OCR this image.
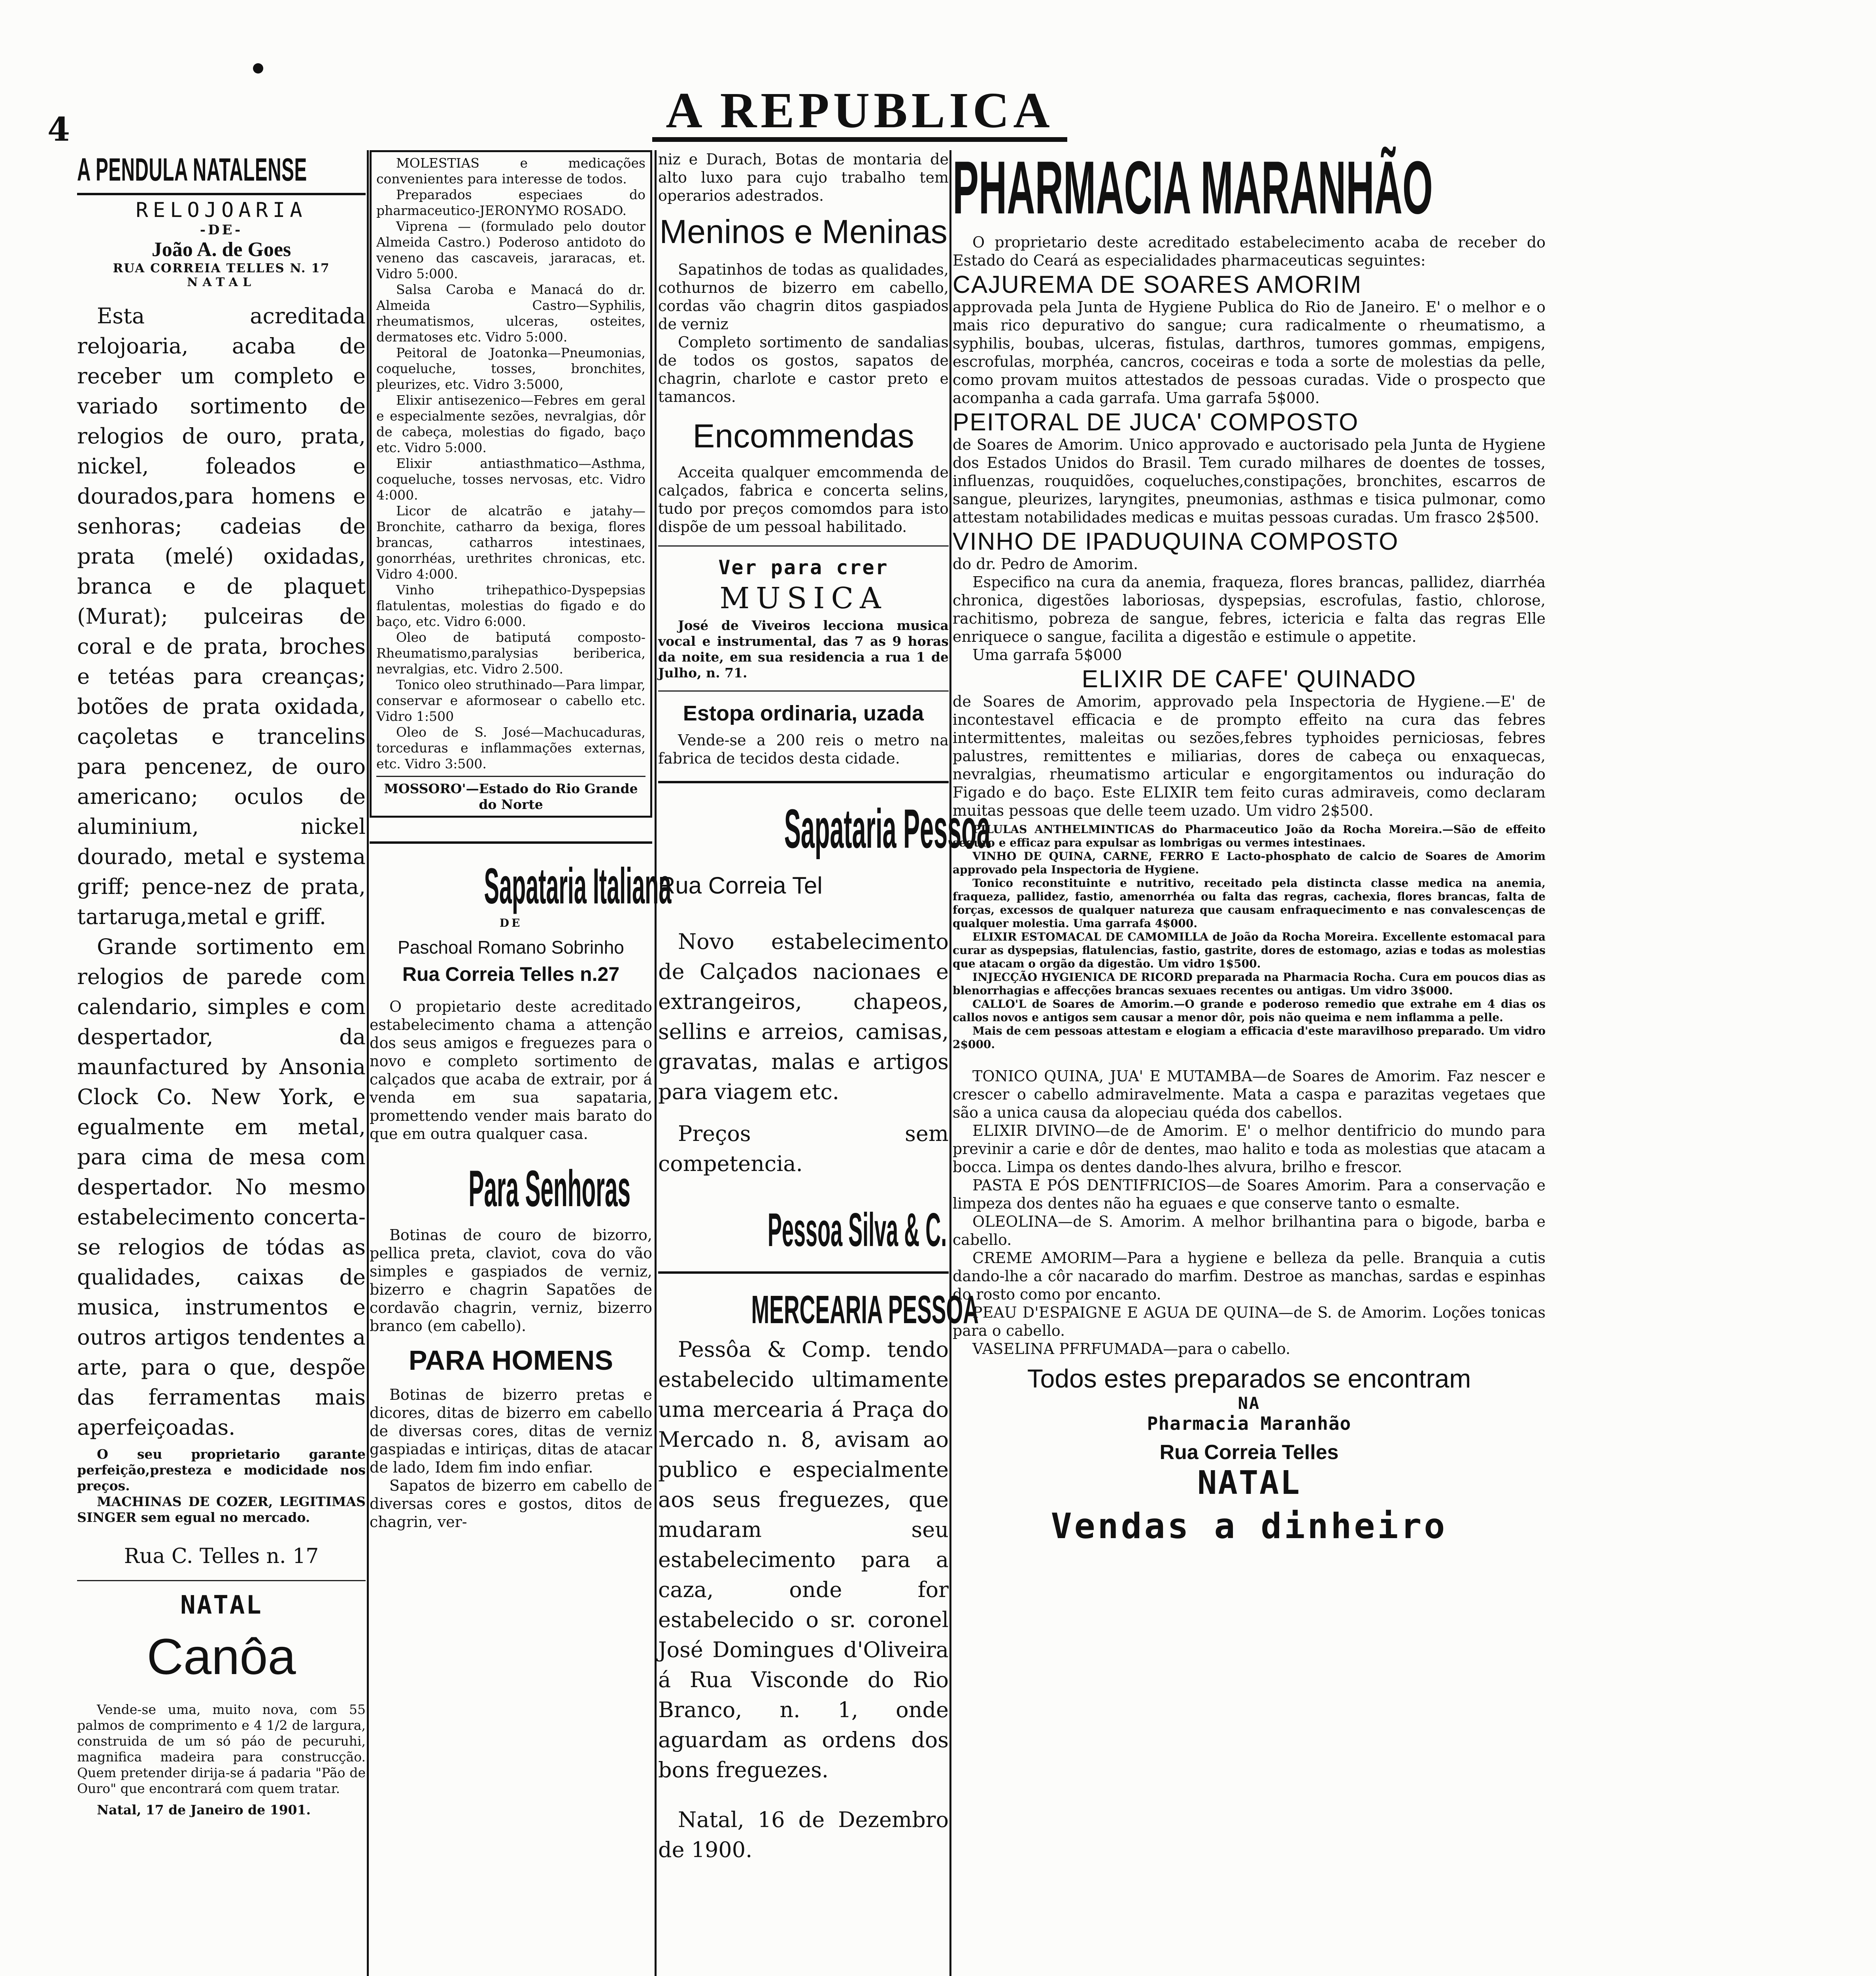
4	A REPUBLICA
A PENDULA NATALENSE
RELOJOARIA
-DE-
João A. de Goes
RUA CORREIA TELLES N. 17
NATAL

Esta acreditada relojoaria, acaba de receber um completo e variado sortimento de relogios de ouro, prata, nickel, foleados e dourados,para homens e senhoras; cadeias de prata (melé) oxidadas, branca e de plaquet (Murat); pulceiras de coral e de prata, broches e tetéas para creanças; botões de prata oxidada, caçoletas e trancelins para pencenez, de ouro americano; oculos de aluminium, nickel dourado, metal e systema griff; pence-nez de prata, tartaruga,metal e griff.

Grande sortimento em relogios de parede com calendario, simples e com despertador, da maunfactured by Ansonia Clock Co. New York, e egualmente em metal, para cima de mesa com despertador. No mesmo estabelecimento concerta-se relogios de tódas as qualidades, caixas de musica, instrumentos e outros artigos tendentes a arte, para o que, despõe das ferramentas mais aperfeiçoadas.

O seu proprietario garante perfeição,presteza e modicidade nos preços.

MACHINAS DE COZER, LEGITIMAS SINGER sem egual no mercado.

Rua C. Telles n. 17
NATAL
Canôa

Vende-se uma, muito nova, com 55 palmos de comprimento e 4 1/2 de largura, construida de um só páo de pecuruhi, magnifica madeira para construcção. Quem pretender dirija-se á padaria "Pão de Ouro" que encontrará com quem tratar.

Natal, 17 de Janeiro de 1901.

MOLESTIAS e medicações convenientes para interesse de todos.

Preparados especiaes do pharmaceutico-JERONYMO ROSADO.

Viprena — (formulado pelo doutor Almeida Castro.) Poderoso antidoto do veneno das cascaveis, jararacas, et. Vidro 5:000.

Salsa Caroba e Manacá do dr. Almeida Castro—Syphilis, rheumatismos, ulceras, osteites, dermatoses etc. Vidro 5:000.

Peitoral de Joatonka—Pneumonias, coqueluche, tosses, bronchites, pleurizes, etc. Vidro 3:5000,

Elixir antisezenico—Febres em geral e especialmente sezões, nevralgias, dôr de cabeça, molestias do figado, baço etc. Vidro 5:000.

Elixir antiasthmatico—Asthma, coqueluche, tosses nervosas, etc. Vidro 4:000.

Licor de alcatrão e jatahy— Bronchite, catharro da bexiga, flores brancas, catharros intestinaes, gonorrhéas, urethrites chronicas, etc. Vidro 4:000.

Vinho trihepathico-Dyspepsias flatulentas, molestias do figado e do baço, etc. Vidro 6:000.

Oleo de batiputá composto-Rheumatismo,paralysias beriberica, nevralgias, etc. Vidro 2.500.

Tonico oleo struthinado—Para limpar, conservar e aformosear o cabello etc. Vidro 1:500

Oleo de S. José—Machucaduras, torceduras e inflammações externas, etc. Vidro 3:500.

MOSSORO'—Estado do Rio Grande do Norte
Sapataria Italiana
DE
Paschoal Romano Sobrinho
Rua Correia Telles n.27

O propietario deste acreditado estabelecimento chama a attenção dos seus amigos e freguezes para o novo e completo sortimento de calçados que acaba de extrair, por á venda em sua sapataria, promettendo vender mais barato do que em outra qualquer casa.

Para Senhoras

Botinas de couro de bizorro, pellica preta, claviot, cova do vão simples e gaspiados de verniz, bizerro e chagrin Sapatões de cordavão chagrin, verniz, bizerro branco (em cabello).

PARA HOMENS

Botinas de bizerro pretas e dicores, ditas de bizerro em cabello de diversas cores, ditas de verniz gaspiadas e intiriças, ditas de atacar de lado, Idem fim indo enfiar.

Sapatos de bizerro em cabello de diversas cores e gostos, ditos de chagrin, ver-

niz e Durach, Botas de montaria de alto luxo para cujo trabalho tem operarios adestrados.

Meninos e Meninas

Sapatinhos de todas as qualidades, cothurnos de bizerro em cabello, cordas vão chagrin ditos gaspiados de verniz

Completo sortimento de sandalias de todos os gostos, sapatos de chagrin, charlote e castor preto e tamancos.

Encommendas

Acceita qualquer emcommenda de calçados, fabrica e concerta selins, tudo por preços comomdos para isto dispõe de um pessoal habilitado.

Ver para crer
MUSICA

José de Viveiros lecciona musica vocal e instrumental, das 7 as 9 horas da noite, em sua residencia a rua 1 de Julho, n. 71.

Estopa ordinaria, uzada

Vende-se a 200 reis o metro na fabrica de tecidos desta cidade.

Sapataria Pessoa
Rua Correia Tel

Novo estabelecimento de Calçados nacionaes e extrangeiros, chapeos, sellins e arreios, camisas, gravatas, malas e artigos para viagem etc.

Preços sem competencia.

Pessoa Silva & C.
MERCEARIA PESSOA

Pessôa & Comp. tendo estabelecido ultimamente uma mercearia á Praça do Mercado n. 8, avisam ao publico e especialmente aos seus freguezes, que mudaram seu estabelecimento para a caza, onde for estabelecido o sr. coronel José Domingues d'Oliveira á Rua Visconde do Rio Branco, n. 1, onde aguardam as ordens dos bons freguezes.

Natal, 16 de Dezembro de 1900.

PHARMACIA MARANHÃO

O proprietario deste acreditado estabelecimento acaba de receber do Estado do Ceará as especialidades pharmaceuticas seguintes:

CAJUREMA DE SOARES AMORIM

approvada pela Junta de Hygiene Publica do Rio de Janeiro. E' o melhor e o mais rico depurativo do sangue; cura radicalmente o rheumatismo, a syphilis, boubas, ulceras, fistulas, darthros, tumores gommas, empigens, escrofulas, morphéa, cancros, coceiras e toda a sorte de molestias da pelle, como provam muitos attestados de pessoas curadas. Vide o prospecto que acompanha a cada garrafa. Uma garrafa 5$000.

PEITORAL DE JUCA' COMPOSTO

de Soares de Amorim. Unico approvado e auctorisado pela Junta de Hygiene dos Estados Unidos do Brasil. Tem curado milhares de doentes de tosses, influenzas, rouquidões, coqueluches,constipações, bronchites, escarros de sangue, pleurizes, laryngites, pneumonias, asthmas e tisica pulmonar, como attestam notabilidades medicas e muitas pessoas curadas. Um frasco 2$500.

VINHO DE IPADUQUINA COMPOSTO
do dr. Pedro de Amorim.

Especifico na cura da anemia, fraqueza, flores brancas, pallidez, diarrhéa chronica, digestões laboriosas, dyspepsias, escrofulas, fastio, chlorose, rachitismo, pobreza de sangue, febres, ictericia e falta das regras Elle enriquece o sangue, facilita a digestão e estimule o appetite.

Uma garrafa 5$000
ELIXIR DE CAFE' QUINADO

de Soares de Amorim, approvado pela Inspectoria de Hygiene.—E' de incontestavel efficacia e de prompto effeito na cura das febres intermittentes, maleitas ou sezões,febres typhoides perniciosas, febres palustres, remittentes e miliarias, dores de cabeça ou enxaquecas, nevralgias, rheumatismo articular e engorgitamentos ou induração do Figado e do baço. Este ELIXIR tem feito curas admiraveis, como declaram muitas pessoas que delle teem uzado. Um vidro 2$500.

PILULAS ANTHELMINTICAS do Pharmaceutico João da Rocha Moreira.—São de effeito seguro e efficaz para expulsar as lombrigas ou vermes intestinaes.

VINHO DE QUINA, CARNE, FERRO E Lacto-phosphato de calcio de Soares de Amorim approvado pela Inspectoria de Hygiene.

Tonico reconstituinte e nutritivo, receitado pela distincta classe medica na anemia, fraqueza, pallidez, fastio, amenorrhéa ou falta das regras, cachexia, flores brancas, falta de forças, excessos de qualquer natureza que causam enfraquecimento e nas convalescenças de qualquer molestia. Uma garrafa 4$000.

ELIXIR ESTOMACAL DE CAMOMILLA de João da Rocha Moreira. Excellente estomacal para curar as dyspepsias, flatulencias, fastio, gastrite, dores de estomago, azias e todas as molestias que atacam o orgão da digestão. Um vidro 1$500.

INJECÇÃO HYGIENICA DE RICORD preparada na Pharmacia Rocha. Cura em poucos dias as blenorrhagias e affecções brancas sexuaes recentes ou antigas. Um vidro 3$000.

CALLO'L de Soares de Amorim.—O grande e poderoso remedio que extrahe em 4 dias os callos novos e antigos sem causar a menor dôr, pois não queima e nem inflamma a pelle.

Mais de cem pessoas attestam e elogiam a efficacia d'este maravilhoso preparado. Um vidro 2$000.

TONICO QUINA, JUA' E MUTAMBA—de Soares de Amorim. Faz nescer e crescer o cabello admiravelmente. Mata a caspa e parazitas vegetaes que são a unica causa da alopeciau quéda dos cabellos.

ELIXIR DIVINO—de de Amorim. E' o melhor dentifricio do mundo para previnir a carie e dôr de dentes, mao halito e toda as molestias que atacam a bocca. Limpa os dentes dando-lhes alvura, brilho e frescor.

PASTA E PÓS DENTIFRICIOS—de Soares Amorim. Para a conservação e limpeza dos dentes não ha eguaes e que conserve tanto o esmalte.

OLEOLINA—de S. Amorim. A melhor brilhantina para o bigode, barba e cabello.

CREME AMORIM—Para a hygiene e belleza da pelle. Branquia a cutis dando-lhe a côr nacarado do marfim. Destroe as manchas, sardas e espinhas do rosto como por encanto.

PEAU D'ESPAIGNE E AGUA DE QUINA—de S. de Amorim. Loções tonicas para o cabello.

VASELINA PFRFUMADA—para o cabello.

Todos estes preparados se encontram
NA
Pharmacia Maranhão
Rua Correia Telles
NATAL
Vendas a dinheiro
